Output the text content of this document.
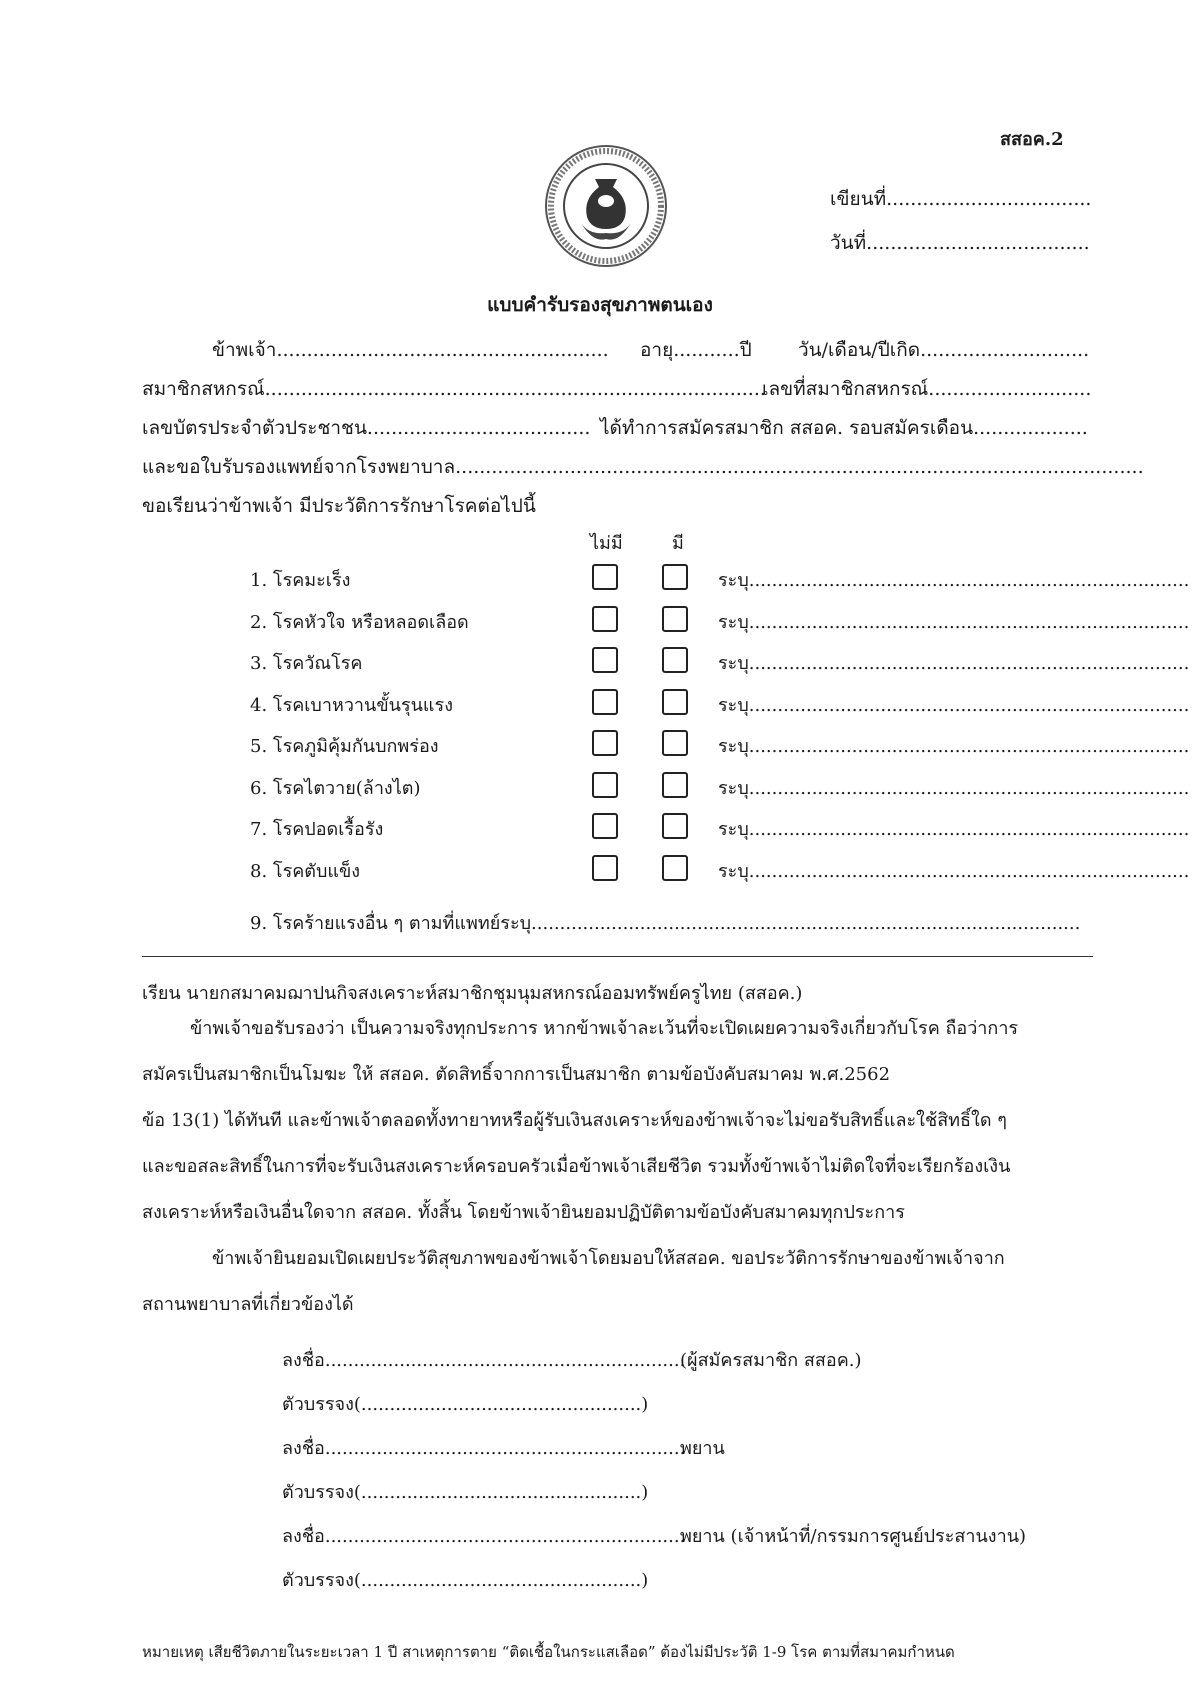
สสอค.2
เขียนที่..................................
วันที่.....................................
แบบคำรับรองสุขภาพตนเอง
ข้าพเจ้า....................................................... อายุ...........ปี วัน/เดือน/ปีเกิด............................
สมาชิกสหกรณ์...................................................................................
เลขที่สมาชิกสหกรณ์...........................
เลขบัตรประจำตัวประชาชน..................................... ได้ทำการสมัครสมาชิก สสอค. รอบสมัครเดือน...................
และขอใบรับรองแพทย์จากโรงพยาบาล..................................................................................................................
ขอเรียนว่าข้าพเจ้า มีประวัติการรักษาโรคต่อไปนี้
ไม่มี	มี
1. โรคมะเร็ง	ระบุ.............................................................................
2. โรคหัวใจ หรือหลอดเลือด	ระบุ.............................................................................
3. โรควัณโรค	ระบุ.............................................................................
4. โรคเบาหวานขั้นรุนแรง	ระบุ.............................................................................
5. โรคภูมิคุ้มกันบกพร่อง	ระบุ.............................................................................
6. โรคไตวาย(ล้างไต)	ระบุ.............................................................................
7. โรคปอดเรื้อรัง	ระบุ.............................................................................
8. โรคตับแข็ง	ระบุ.............................................................................
9. โรคร้ายแรงอื่น ๆ ตามที่แพทย์ระบุ................................................................................................
เรียน นายกสมาคมฌาปนกิจสงเคราะห์สมาชิกชุมนุมสหกรณ์ออมทรัพย์ครูไทย (สสอค.)
ข้าพเจ้าขอรับรองว่า เป็นความจริงทุกประการ หากข้าพเจ้าละเว้นที่จะเปิดเผยความจริงเกี่ยวกับโรค ถือว่าการ
สมัครเป็นสมาชิกเป็นโมฆะ ให้ สสอค. ตัดสิทธิ์จากการเป็นสมาชิก ตามข้อบังคับสมาคม พ.ศ.2562
ข้อ 13(1) ได้ทันที และข้าพเจ้าตลอดทั้งทายาทหรือผู้รับเงินสงเคราะห์ของข้าพเจ้าจะไม่ขอรับสิทธิ์และใช้สิทธิ์ใด ๆ
และขอสละสิทธิ์ในการที่จะรับเงินสงเคราะห์ครอบครัวเมื่อข้าพเจ้าเสียชีวิต รวมทั้งข้าพเจ้าไม่ติดใจที่จะเรียกร้องเงิน
สงเคราะห์หรือเงินอื่นใดจาก สสอค. ทั้งสิ้น โดยข้าพเจ้ายินยอมปฏิบัติตามข้อบังคับสมาคมทุกประการ
ข้าพเจ้ายินยอมเปิดเผยประวัติสุขภาพของข้าพเจ้าโดยมอบให้สสอค. ขอประวัติการรักษาของข้าพเจ้าจาก
สถานพยาบาลที่เกี่ยวข้องได้
ลงชื่อ...............................................................
(ผู้สมัครสมาชิก สสอค.)
ตัวบรรจง(.................................................)
ลงชื่อ...............................................................
พยาน
ตัวบรรจง(.................................................)
ลงชื่อ...............................................................
พยาน (เจ้าหน้าที่/กรรมการศูนย์ประสานงาน)
ตัวบรรจง(.................................................)
หมายเหตุ เสียชีวิตภายในระยะเวลา 1 ปี สาเหตุการตาย “ติดเชื้อในกระแสเลือด” ต้องไม่มีประวัติ 1-9 โรค ตามที่สมาคมกำหนด
